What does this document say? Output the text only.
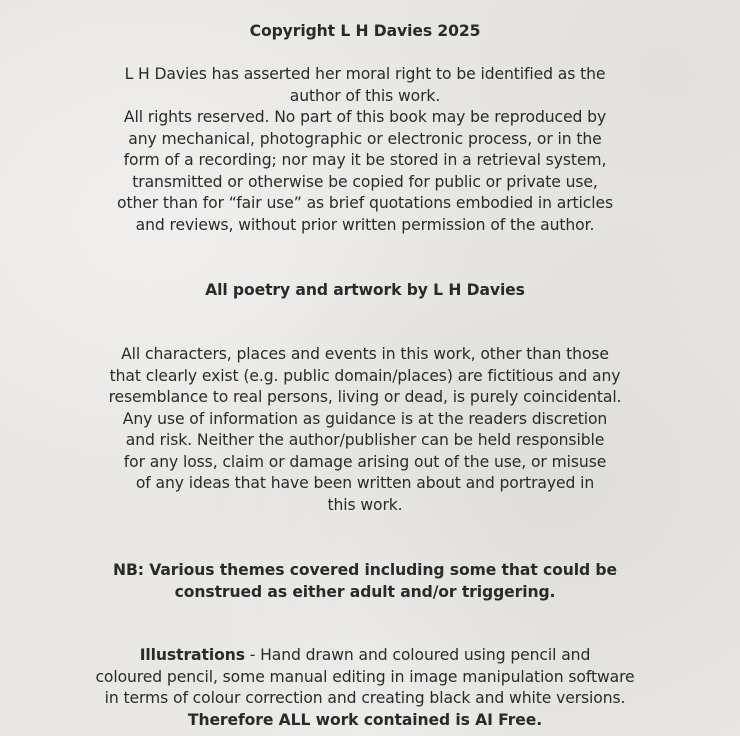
Copyright L H Davies 2025
L H Davies has asserted her moral right to be identified as the
author of this work.
All rights reserved. No part of this book may be reproduced by
any mechanical, photographic or electronic process, or in the
form of a recording; nor may it be stored in a retrieval system,
transmitted or otherwise be copied for public or private use,
other than for “fair use” as brief quotations embodied in articles
and reviews, without prior written permission of the author.
All poetry and artwork by L H Davies
All characters, places and events in this work, other than those
that clearly exist (e.g. public domain/places) are fictitious and any
resemblance to real persons, living or dead, is purely coincidental.
Any use of information as guidance is at the readers discretion
and risk. Neither the author/publisher can be held responsible
for any loss, claim or damage arising out of the use, or misuse
of any ideas that have been written about and portrayed in
this work.
NB: Various themes covered including some that could be
construed as either adult and/or triggering.
Illustrations - Hand drawn and coloured using pencil and
coloured pencil, some manual editing in image manipulation software
in terms of colour correction and creating black and white versions.
Therefore ALL work contained is AI Free.
